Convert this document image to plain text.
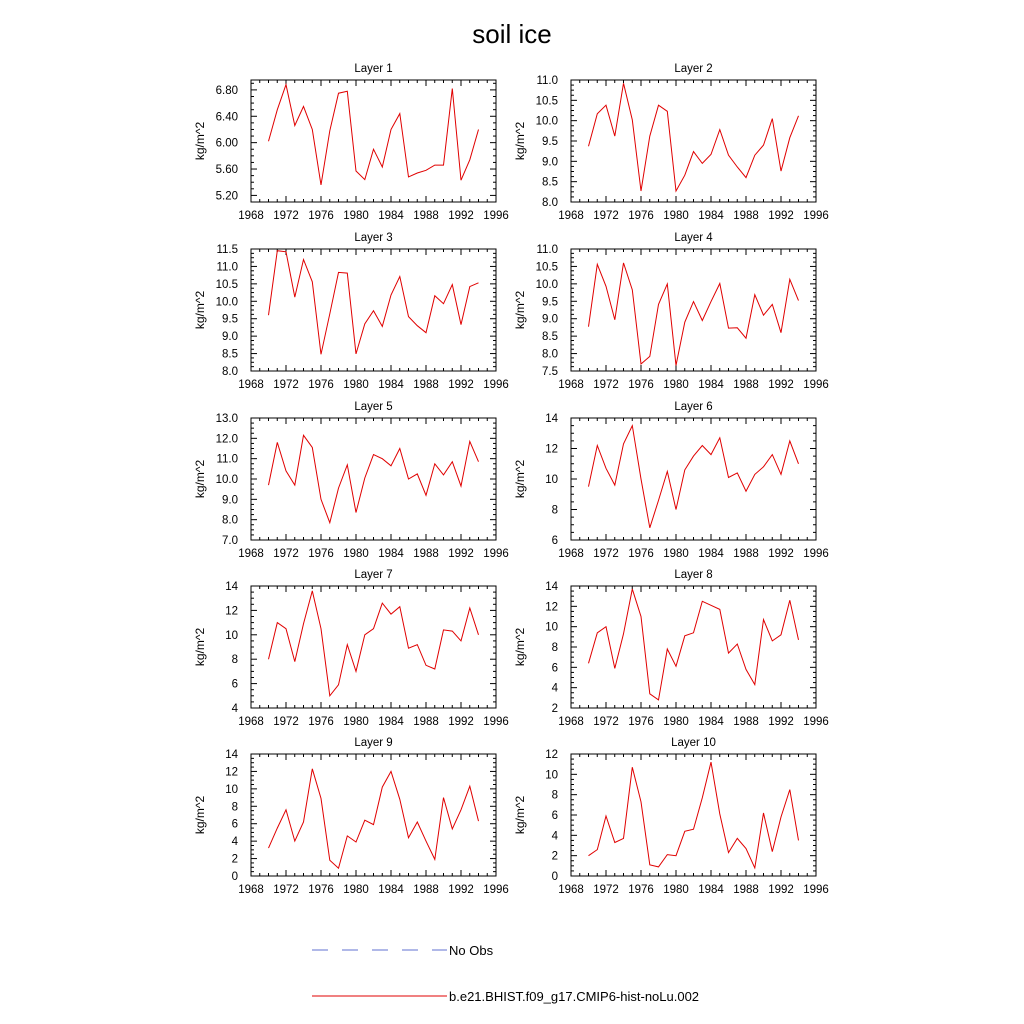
soil ice
Layer 1
1968 1972 1976 1980 1984 1988 1992 1996
5.20
5.60
6.00
6.40
6.80
kg/m^2
Layer 2
1968 1972 1976 1980 1984 1988 1992 1996
8.0
8.5
9.0
9.5
10.0
10.5
11.0
kg/m^2
Layer 3
1968 1972 1976 1980 1984 1988 1992 1996
8.0
8.5
9.0
9.5
10.0
10.5
11.0
11.5
kg/m^2
Layer 4
1968 1972 1976 1980 1984 1988 1992 1996
7.5
8.0
8.5
9.0
9.5
10.0
10.5
11.0
kg/m^2
Layer 5
1968 1972 1976 1980 1984 1988 1992 1996
7.0
8.0
9.0
10.0
11.0
12.0
13.0
kg/m^2
Layer 6
1968 1972 1976 1980 1984 1988 1992 1996
6
8
10
12
14
kg/m^2
Layer 7
1968 1972 1976 1980 1984 1988 1992 1996
4
6
8
10
12
14
kg/m^2
Layer 8
1968 1972 1976 1980 1984 1988 1992 1996
2
4
6
8
10
12
14
kg/m^2
Layer 9
1968 1972 1976 1980 1984 1988 1992 1996
0
2
4
6
8
10
12
14
kg/m^2
Layer 10
1968 1972 1976 1980 1984 1988 1992 1996
0
2
4
6
8
10
12
kg/m^2
No Obs
b.e21.BHIST.f09_g17.CMIP6-hist-noLu.002
